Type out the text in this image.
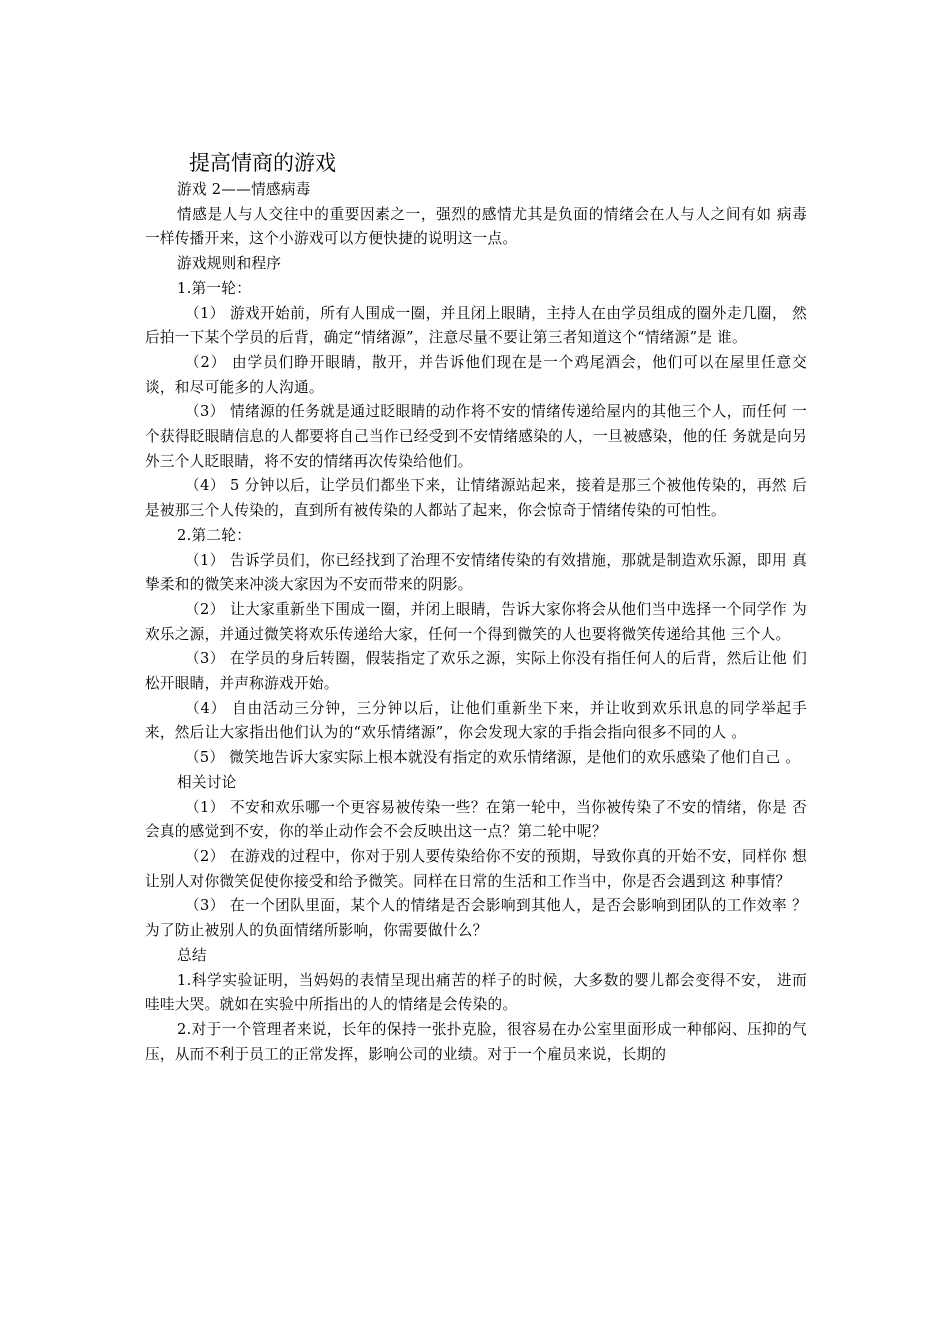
提高情商的游戏

游戏 2——情感病毒

情感是人与人交往中的重要因素之一，强烈的感情尤其是负面的情绪会在人与人之间有如 病毒一样传播开来，这个小游戏可以方便快捷的说明这一点。

游戏规则和程序

1.第一轮：

（1） 游戏开始前，所有人围成一圈，并且闭上眼睛，主持人在由学员组成的圈外走几圈， 然 后拍一下某个学员的后背，确定“情绪源”，注意尽量不要让第三者知道这个“情绪源”是 谁。

（2） 由学员们睁开眼睛，散开，并告诉他们现在是一个鸡尾酒会，他们可以在屋里任意交 谈，和尽可能多的人沟通。

（3） 情绪源的任务就是通过眨眼睛的动作将不安的情绪传递给屋内的其他三个人，而任何 一个获得眨眼睛信息的人都要将自己当作已经受到不安情绪感染的人，一旦被感染，他的任 务就是向另外三个人眨眼睛，将不安的情绪再次传染给他们。

（4） 5 分钟以后，让学员们都坐下来，让情绪源站起来，接着是那三个被他传染的，再然 后是被那三个人传染的，直到所有被传染的人都站了起来，你会惊奇于情绪传染的可怕性。

2.第二轮：

（1） 告诉学员们，你已经找到了治理不安情绪传染的有效措施，那就是制造欢乐源，即用 真挚柔和的微笑来冲淡大家因为不安而带来的阴影。

（2） 让大家重新坐下围成一圈，并闭上眼睛，告诉大家你将会从他们当中选择一个同学作 为欢乐之源，并通过微笑将欢乐传递给大家，任何一个得到微笑的人也要将微笑传递给其他 三个人。

（3） 在学员的身后转圈，假装指定了欢乐之源，实际上你没有指任何人的后背，然后让他 们松开眼睛，并声称游戏开始。

（4） 自由活动三分钟，三分钟以后，让他们重新坐下来，并让收到欢乐讯息的同学举起手 来，然后让大家指出他们认为的“欢乐情绪源”，你会发现大家的手指会指向很多不同的人 。

（5） 微笑地告诉大家实际上根本就没有指定的欢乐情绪源，是他们的欢乐感染了他们自己 。

相关讨论

（1） 不安和欢乐哪一个更容易被传染一些？在第一轮中，当你被传染了不安的情绪，你是 否会真的感觉到不安，你的举止动作会不会反映出这一点？第二轮中呢？

（2） 在游戏的过程中，你对于别人要传染给你不安的预期，导致你真的开始不安，同样你 想让别人对你微笑促使你接受和给予微笑。同样在日常的生活和工作当中，你是否会遇到这 种事情？

（3） 在一个团队里面，某个人的情绪是否会影响到其他人，是否会影响到团队的工作效率 ？ 为了防止被别人的负面情绪所影响，你需要做什么？

总结

1.科学实验证明，当妈妈的表情呈现出痛苦的样子的时候，大多数的婴儿都会变得不安， 进而哇哇大哭。就如在实验中所指出的人的情绪是会传染的。

2.对于一个管理者来说，长年的保持一张扑克脸，很容易在办公室里面形成一种郁闷、压抑的气压，从而不利于员工的正常发挥，影响公司的业绩。对于一个雇员来说，长期的
